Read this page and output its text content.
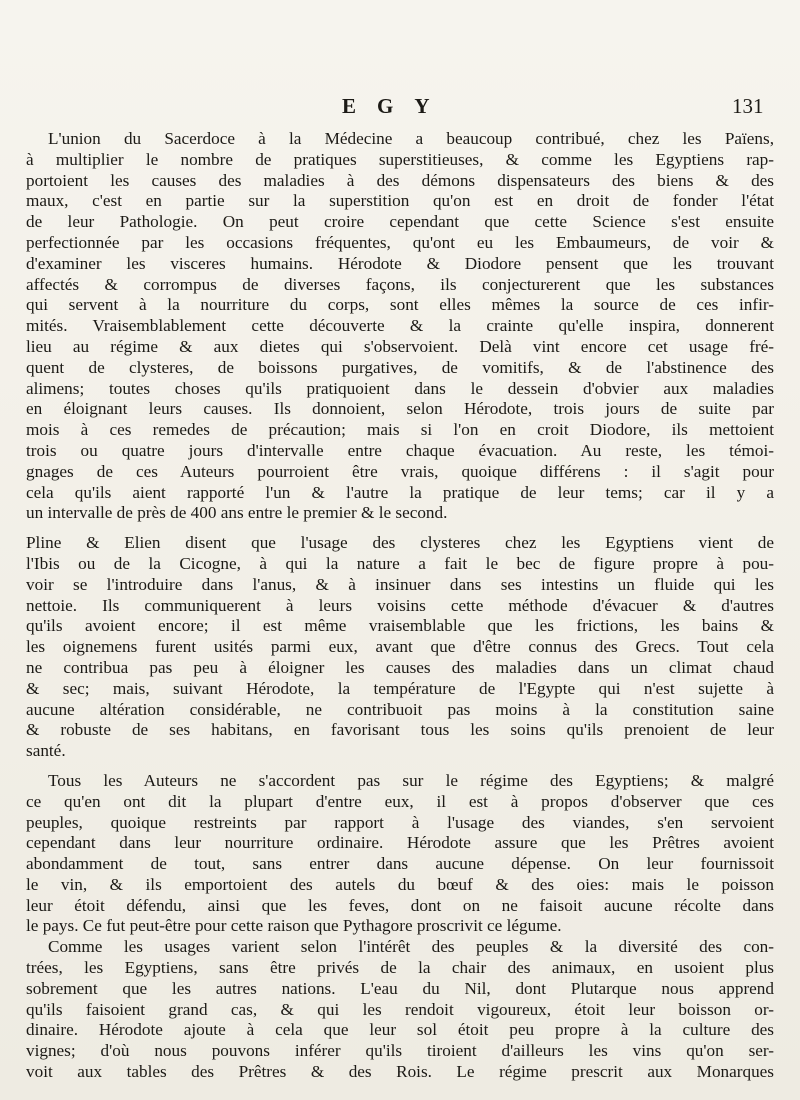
EGY	131
L'union du Sacerdoce à la Médecine a beaucoup contribué, chez les Païens,
à multiplier le nombre de pratiques superstitieuses, & comme les Egyptiens rap-
portoient les causes des maladies à des démons dispensateurs des biens & des
maux, c'est en partie sur la superstition qu'on est en droit de fonder l'état
de leur Pathologie. On peut croire cependant que cette Science s'est ensuite
perfectionnée par les occasions fréquentes, qu'ont eu les Embaumeurs, de voir &
d'examiner les visceres humains. Hérodote & Diodore pensent que les trouvant
affectés & corrompus de diverses façons, ils conjecturerent que les substances
qui servent à la nourriture du corps, sont elles mêmes la source de ces infir-
mités. Vraisemblablement cette découverte & la crainte qu'elle inspira, donnerent
lieu au régime & aux dietes qui s'observoient. Delà vint encore cet usage fré-
quent de clysteres, de boissons purgatives, de vomitifs, & de l'abstinence des
alimens; toutes choses qu'ils pratiquoient dans le dessein d'obvier aux maladies
en éloignant leurs causes. Ils donnoient, selon Hérodote, trois jours de suite par
mois à ces remedes de précaution; mais si l'on en croit Diodore, ils mettoient
trois ou quatre jours d'intervalle entre chaque évacuation. Au reste, les témoi-
gnages de ces Auteurs pourroient être vrais, quoique différens : il s'agit pour
cela qu'ils aient rapporté l'un & l'autre la pratique de leur tems; car il y a
un intervalle de près de 400 ans entre le premier & le second.
Pline & Elien disent que l'usage des clysteres chez les Egyptiens vient de
l'Ibis ou de la Cicogne, à qui la nature a fait le bec de figure propre à pou-
voir se l'introduire dans l'anus, & à insinuer dans ses intestins un fluide qui les
nettoie. Ils communiquerent à leurs voisins cette méthode d'évacuer & d'autres
qu'ils avoient encore; il est même vraisemblable que les frictions, les bains &
les oignemens furent usités parmi eux, avant que d'être connus des Grecs. Tout cela
ne contribua pas peu à éloigner les causes des maladies dans un climat chaud
& sec; mais, suivant Hérodote, la température de l'Egypte qui n'est sujette à
aucune altération considérable, ne contribuoit pas moins à la constitution saine
& robuste de ses habitans, en favorisant tous les soins qu'ils prenoient de leur
santé.
Tous les Auteurs ne s'accordent pas sur le régime des Egyptiens; & malgré
ce qu'en ont dit la plupart d'entre eux, il est à propos d'observer que ces
peuples, quoique restreints par rapport à l'usage des viandes, s'en servoient
cependant dans leur nourriture ordinaire. Hérodote assure que les Prêtres avoient
abondamment de tout, sans entrer dans aucune dépense. On leur fournissoit
le vin, & ils emportoient des autels du bœuf & des oies: mais le poisson
leur étoit défendu, ainsi que les feves, dont on ne faisoit aucune récolte dans
le pays. Ce fut peut-être pour cette raison que Pythagore proscrivit ce légume.
Comme les usages varient selon l'intérêt des peuples & la diversité des con-
trées, les Egyptiens, sans être privés de la chair des animaux, en usoient plus
sobrement que les autres nations. L'eau du Nil, dont Plutarque nous apprend
qu'ils faisoient grand cas, & qui les rendoit vigoureux, étoit leur boisson or-
dinaire. Hérodote ajoute à cela que leur sol étoit peu propre à la culture des
vignes; d'où nous pouvons inférer qu'ils tiroient d'ailleurs les vins qu'on ser-
voit aux tables des Prêtres & des Rois. Le régime prescrit aux Monarques
